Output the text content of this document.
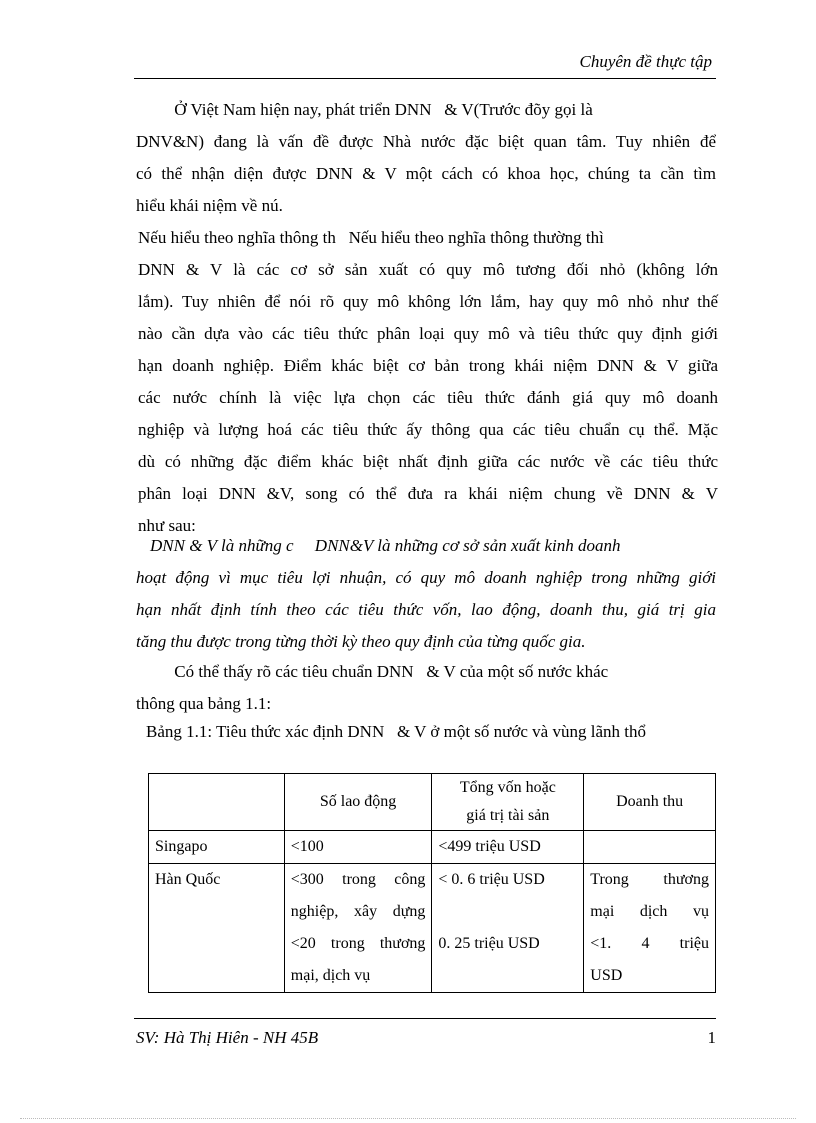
Chuyên đề thực tập
Ở Việt Nam hiện nay, phát triển DNN   & V(Trước đõy gọi là
DNV&N) đang là vấn đề được Nhà nước đặc biệt quan tâm. Tuy nhiên để
có thể nhận diện được DNN & V một cách có khoa học, chúng ta cần tìm
hiểu khái niệm về nú.
Nếu hiểu theo nghĩa thông th   Nếu hiểu theo nghĩa thông thường thì
DNN & V là các cơ sở sản xuất có quy mô tương đối nhỏ (không lớn
lắm). Tuy nhiên để nói rõ quy mô không lớn lắm, hay quy mô nhỏ như thế
nào cần dựa vào các tiêu thức phân loại quy mô và tiêu thức quy định giới
hạn doanh nghiệp. Điểm khác biệt cơ bản trong khái niệm DNN & V giữa
các nước chính là việc lựa chọn các tiêu thức đánh giá quy mô doanh
nghiệp và lượng hoá các tiêu thức ấy thông qua các tiêu chuẩn cụ thể. Mặc
dù có những đặc điểm khác biệt nhất định giữa các nước về các tiêu thức
phân loại DNN &V, song có thể đưa ra khái niệm chung về DNN & V
như sau:
DNN & V là những c     DNN&V là những cơ sở sản xuất kinh doanh
hoạt động vì mục tiêu lợi nhuận, có quy mô doanh nghiệp trong những giới
hạn nhất định tính theo các tiêu thức vốn, lao động, doanh thu, giá trị gia
tăng thu được trong từng thời kỳ theo quy định của từng quốc gia.
Có thể thấy rõ các tiêu chuẩn DNN   & V của một số nước khác
thông qua bảng 1.1:
Bảng 1.1: Tiêu thức xác định DNN   & V ở một số nước và vùng lãnh thổ
	Số lao động	Tổng vốn hoặc
giá trị tài sản	Doanh thu

Singapo	<100	<499 triệu USD	

Hàn Quốc	<300 trong công
nghiệp, xây dựng
<20 trong thương
mại, dịch vụ	< 0. 6 triệu USD
0. 25 triệu USD	Trong thương
mại dịch vụ
<1. 4 triệu
USD
SV: Hà Thị Hiên - NH 45B	1
